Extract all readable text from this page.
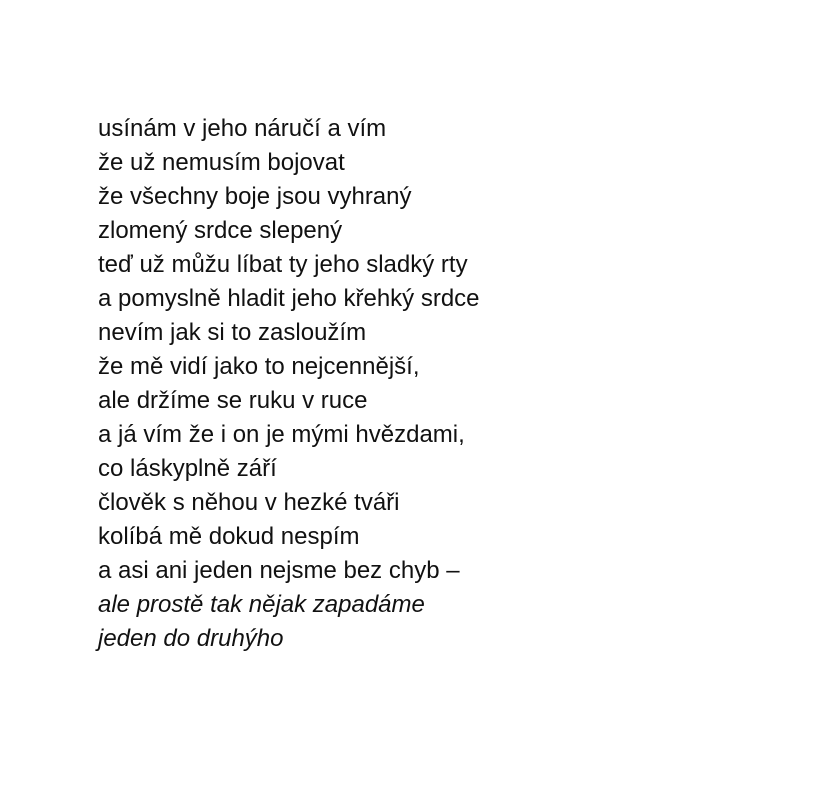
usínám v jeho náručí a vím
že už nemusím bojovat
že všechny boje jsou vyhraný
zlomený srdce slepený
teď už můžu líbat ty jeho sladký rty
a pomyslně hladit jeho křehký srdce
nevím jak si to zasloužím
že mě vidí jako to nejcennější,
ale držíme se ruku v ruce
a já vím že i on je mými hvězdami,
co láskyplně září
člověk s něhou v hezké tváři
kolíbá mě dokud nespím
a asi ani jeden nejsme bez chyb –
ale prostě tak nějak zapadáme
jeden do druhýho
